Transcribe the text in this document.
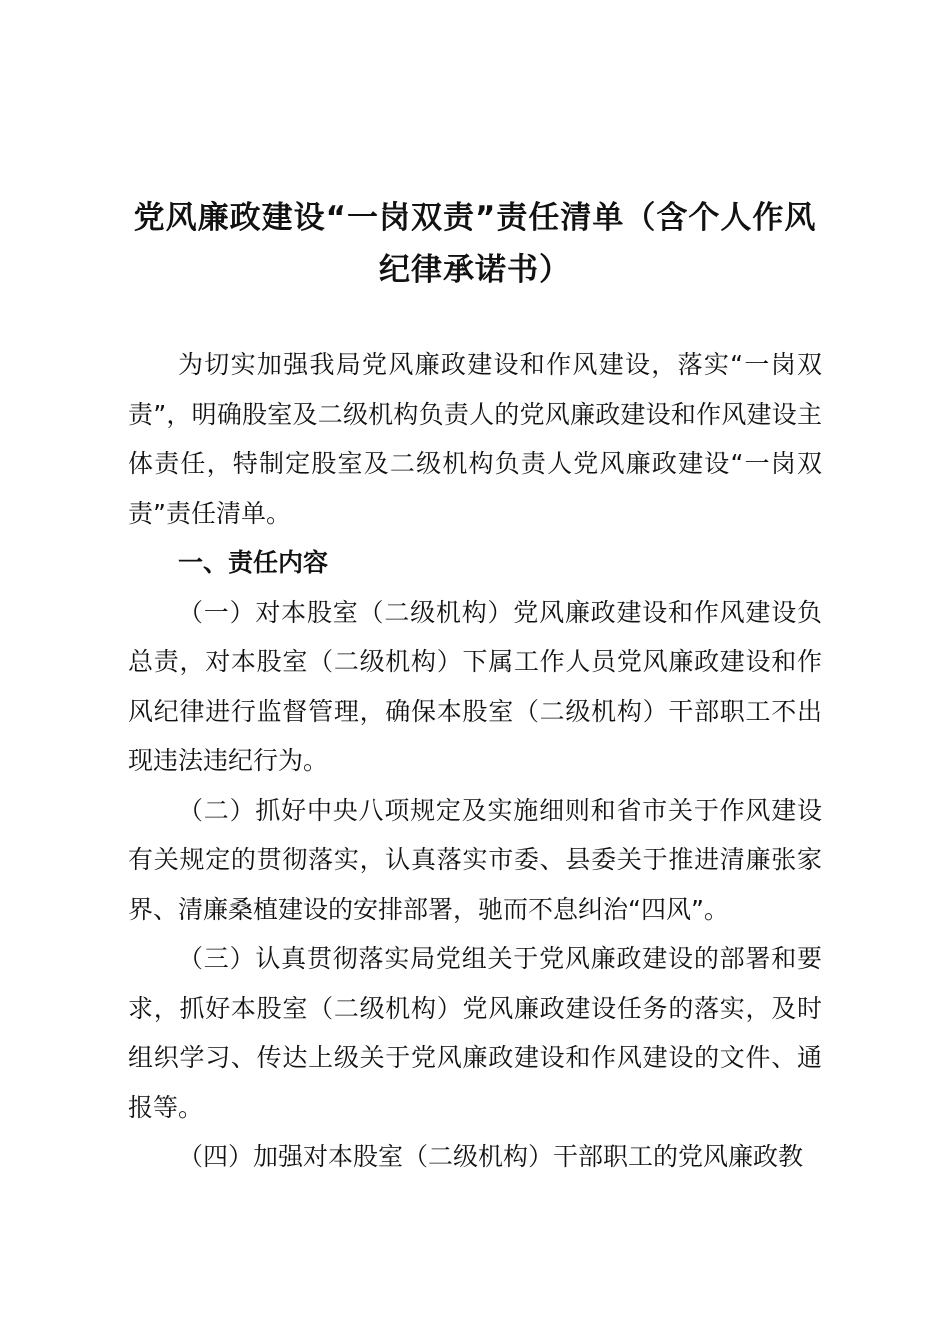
党风廉政建设“一岗双责”责任清单（含个人作风纪律承诺书）

为切实加强我局党风廉政建设和作风建设，落实“一岗双责”，明确股室及二级机构负责人的党风廉政建设和作风建设主体责任，特制定股室及二级机构负责人党风廉政建设“一岗双责”责任清单。

一、责任内容

（一）对本股室（二级机构）党风廉政建设和作风建设负总责，对本股室（二级机构）下属工作人员党风廉政建设和作风纪律进行监督管理，确保本股室（二级机构）干部职工不出现违法违纪行为。

（二）抓好中央八项规定及实施细则和省市关于作风建设有关规定的贯彻落实，认真落实市委、县委关于推进清廉张家界、清廉桑植建设的安排部署，驰而不息纠治“四风”。

（三）认真贯彻落实局党组关于党风廉政建设的部署和要求，抓好本股室（二级机构）党风廉政建设任务的落实，及时组织学习、传达上级关于党风廉政建设和作风建设的文件、通报等。

（四）加强对本股室（二级机构）干部职工的党风廉政教
